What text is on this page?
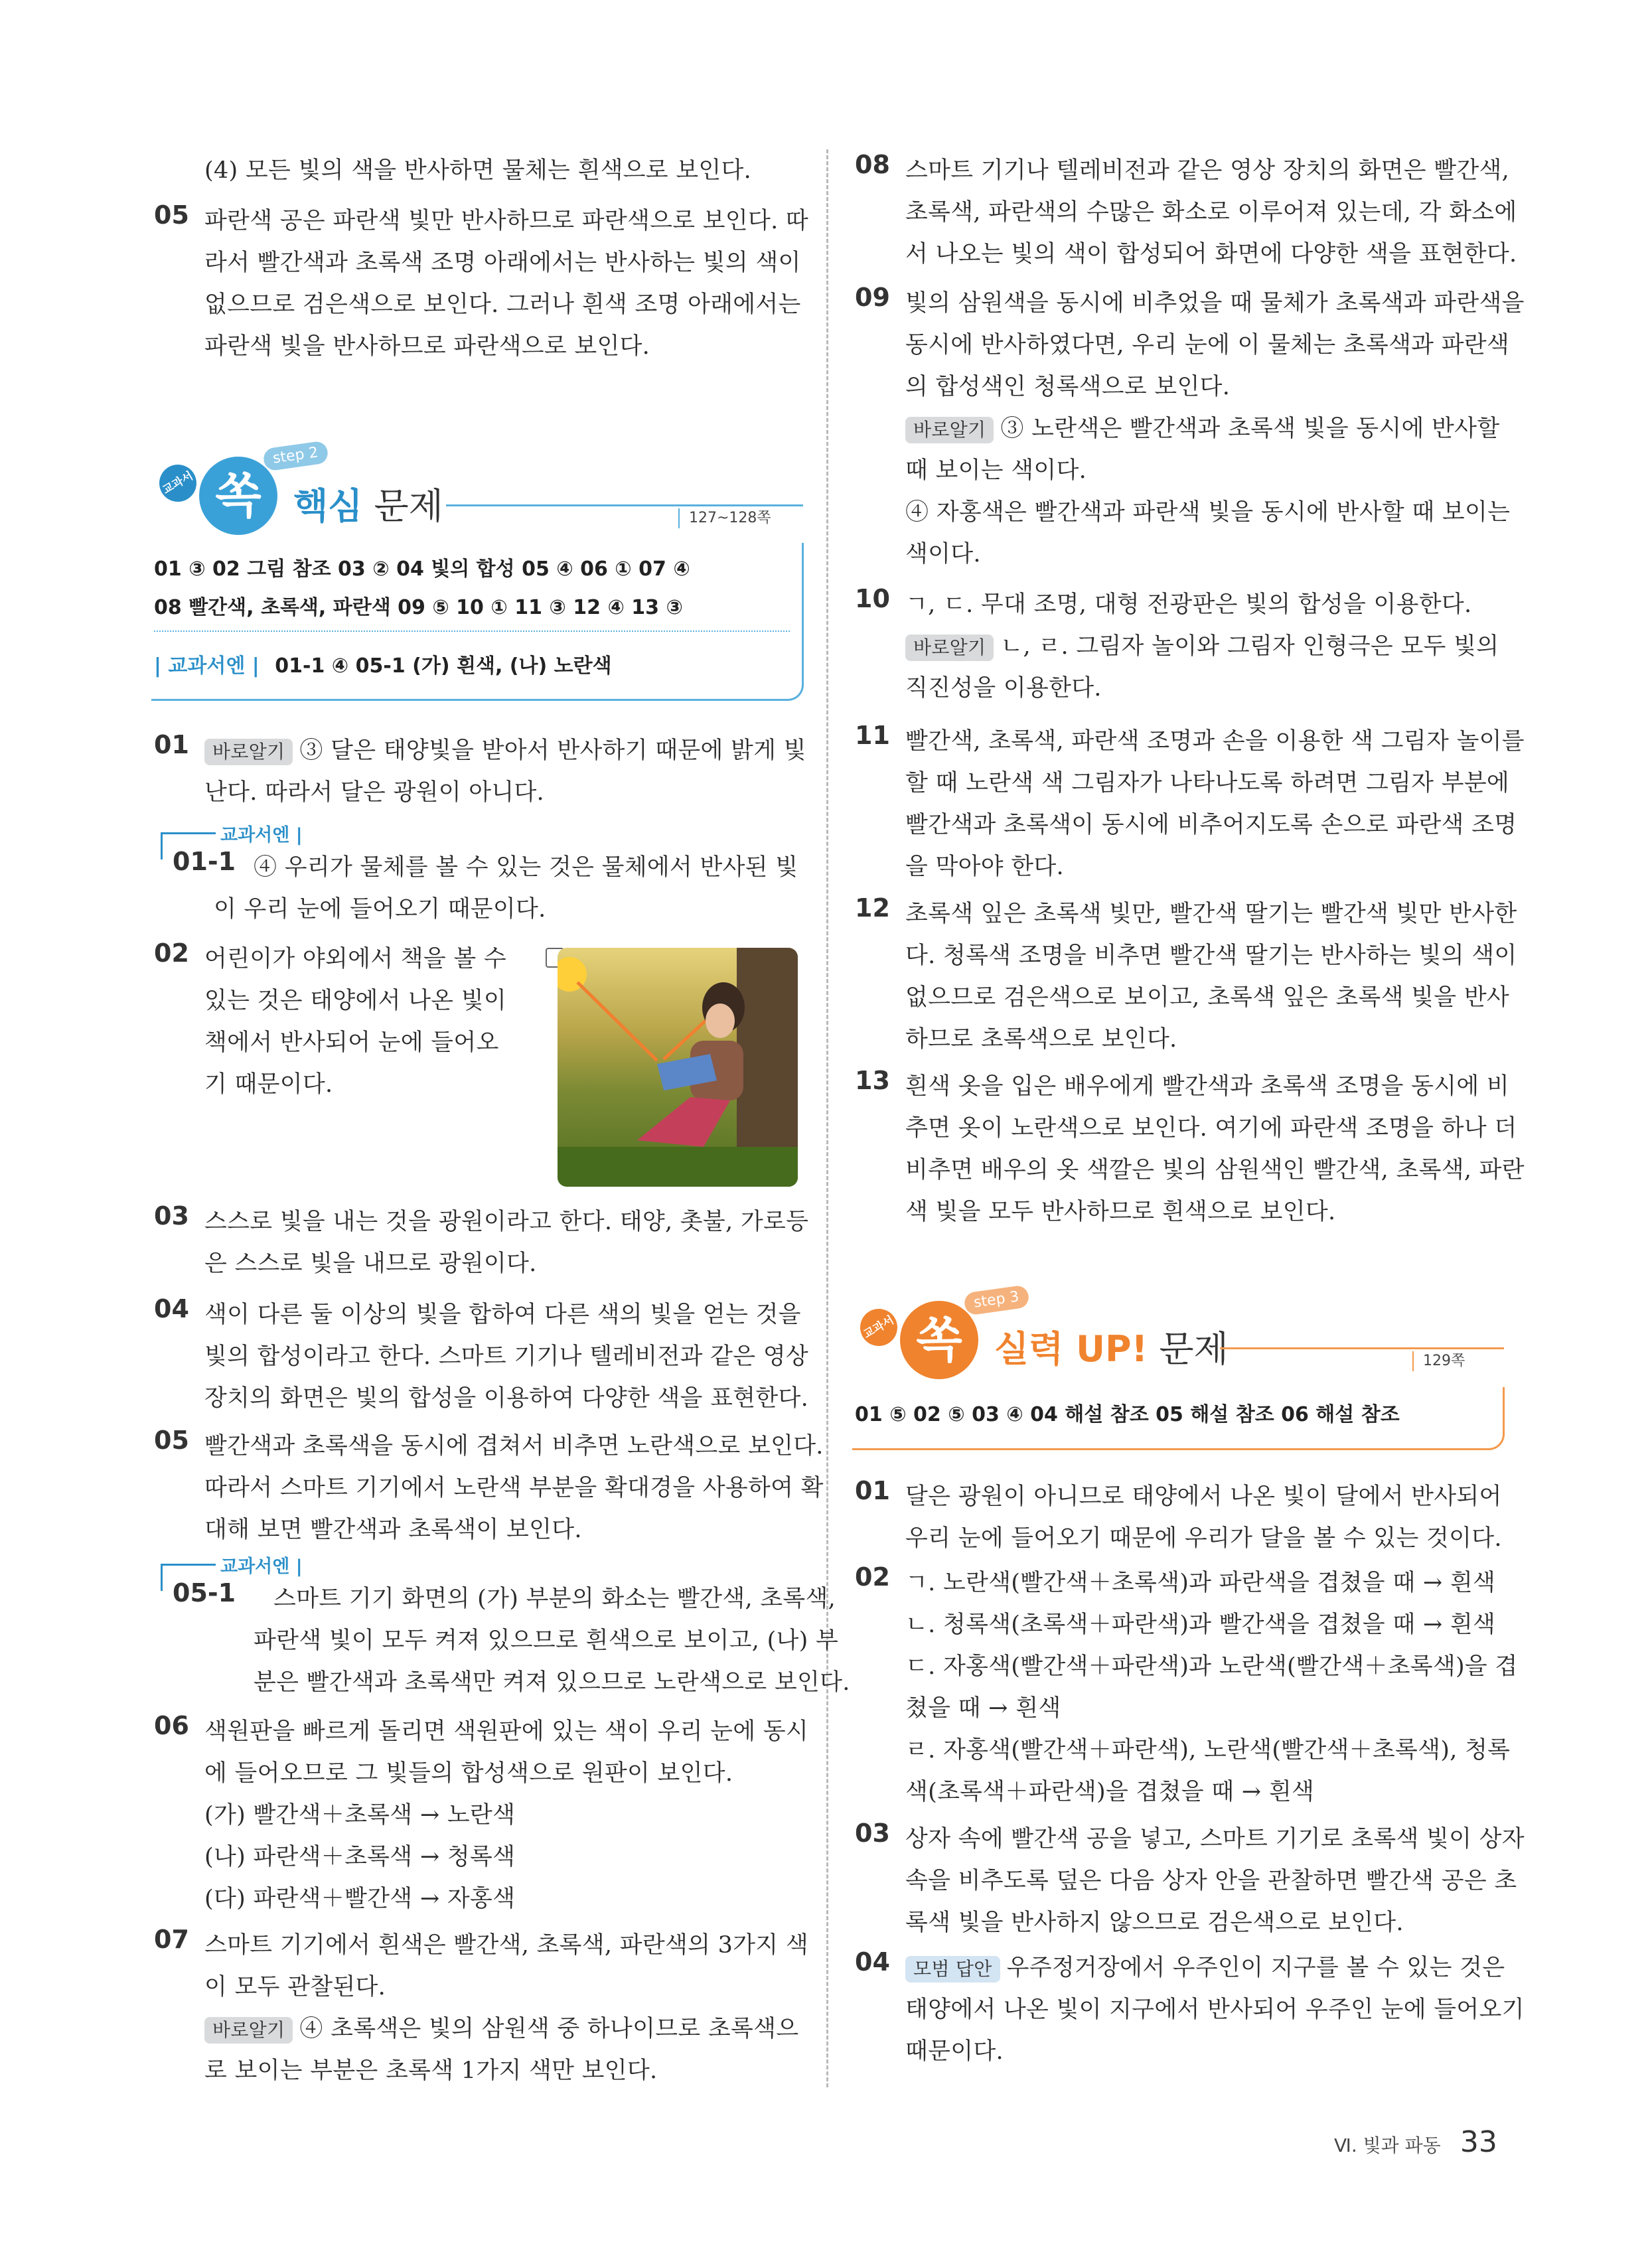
(4) 모든 빛의 색을 반사하면 물체는 흰색으로 보인다.
05 파란색 공은 파란색 빛만 반사하므로 파란색으로 보인다. 따
라서 빨간색과 초록색 조명 아래에서는 반사하는 빛의 색이
없으므로 검은색으로 보인다. 그러나 흰색 조명 아래에서는
파란색 빛을 반사하므로 파란색으로 보인다.
교과서 쏙
step 2
핵심 문제	127~128쪽
01 ③ 02 그림 참조 03 ② 04 빛의 합성 05 ④ 06 ① 07 ④
08 빨간색, 초록색, 파란색 09 ⑤ 10 ① 11 ③ 12 ④ 13 ③
| 교과서엔 | 01-1 ④ 05-1 (가) 흰색, (나) 노란색
01	바로알기 ③ 달은 태양빛을 받아서 반사하기 때문에 밝게 빛
난다. 따라서 달은 광원이 아니다.
교과서엔 |
01-1 ④ 우리가 물체를 볼 수 있는 것은 물체에서 반사된 빛
이 우리 눈에 들어오기 때문이다.
02 어린이가 야외에서 책을 볼 수
있는 것은 태양에서 나온 빛이
책에서 반사되어 눈에 들어오
기 때문이다.
03 스스로 빛을 내는 것을 광원이라고 한다. 태양, 촛불, 가로등
은 스스로 빛을 내므로 광원이다.
04 색이 다른 둘 이상의 빛을 합하여 다른 색의 빛을 얻는 것을
빛의 합성이라고 한다. 스마트 기기나 텔레비전과 같은 영상
장치의 화면은 빛의 합성을 이용하여 다양한 색을 표현한다.
05 빨간색과 초록색을 동시에 겹쳐서 비추면 노란색으로 보인다.
따라서 스마트 기기에서 노란색 부분을 확대경을 사용하여 확
대해 보면 빨간색과 초록색이 보인다.
교과서엔 |
05-1 스마트 기기 화면의 (가) 부분의 화소는 빨간색, 초록색,
파란색 빛이 모두 켜져 있으므로 흰색으로 보이고, (나) 부
분은 빨간색과 초록색만 켜져 있으므로 노란색으로 보인다.
06 색원판을 빠르게 돌리면 색원판에 있는 색이 우리 눈에 동시
에 들어오므로 그 빛들의 합성색으로 원판이 보인다.
(가) 빨간색＋초록색 → 노란색
(나) 파란색＋초록색 → 청록색
(다) 파란색＋빨간색 → 자홍색
07 스마트 기기에서 흰색은 빨간색, 초록색, 파란색의 3가지 색
이 모두 관찰된다.
바로알기 ④ 초록색은 빛의 삼원색 중 하나이므로 초록색으
로 보이는 부분은 초록색 1가지 색만 보인다.
08 스마트 기기나 텔레비전과 같은 영상 장치의 화면은 빨간색,
초록색, 파란색의 수많은 화소로 이루어져 있는데, 각 화소에
서 나오는 빛의 색이 합성되어 화면에 다양한 색을 표현한다.
09 빛의 삼원색을 동시에 비추었을 때 물체가 초록색과 파란색을
동시에 반사하였다면, 우리 눈에 이 물체는 초록색과 파란색
의 합성색인 청록색으로 보인다.
바로알기 ③ 노란색은 빨간색과 초록색 빛을 동시에 반사할
때 보이는 색이다.
④ 자홍색은 빨간색과 파란색 빛을 동시에 반사할 때 보이는
색이다.
10 ㄱ, ㄷ. 무대 조명, 대형 전광판은 빛의 합성을 이용한다.
바로알기 ㄴ, ㄹ. 그림자 놀이와 그림자 인형극은 모두 빛의
직진성을 이용한다.
11 빨간색, 초록색, 파란색 조명과 손을 이용한 색 그림자 놀이를
할 때 노란색 색 그림자가 나타나도록 하려면 그림자 부분에
빨간색과 초록색이 동시에 비추어지도록 손으로 파란색 조명
을 막아야 한다.
12 초록색 잎은 초록색 빛만, 빨간색 딸기는 빨간색 빛만 반사한
다. 청록색 조명을 비추면 빨간색 딸기는 반사하는 빛의 색이
없으므로 검은색으로 보이고, 초록색 잎은 초록색 빛을 반사
하므로 초록색으로 보인다.
13 흰색 옷을 입은 배우에게 빨간색과 초록색 조명을 동시에 비
추면 옷이 노란색으로 보인다. 여기에 파란색 조명을 하나 더
비추면 배우의 옷 색깔은 빛의 삼원색인 빨간색, 초록색, 파란
색 빛을 모두 반사하므로 흰색으로 보인다.
교과서 쏙
step 3
실력 UP! 문제	129쪽
01 ⑤ 02 ⑤ 03 ④ 04 해설 참조 05 해설 참조 06 해설 참조
01 달은 광원이 아니므로 태양에서 나온 빛이 달에서 반사되어
우리 눈에 들어오기 때문에 우리가 달을 볼 수 있는 것이다.
02 ㄱ. 노란색(빨간색＋초록색)과 파란색을 겹쳤을 때 → 흰색
ㄴ. 청록색(초록색＋파란색)과 빨간색을 겹쳤을 때 → 흰색
ㄷ. 자홍색(빨간색＋파란색)과 노란색(빨간색＋초록색)을 겹
쳤을 때 → 흰색
ㄹ. 자홍색(빨간색＋파란색), 노란색(빨간색＋초록색), 청록
색(초록색＋파란색)을 겹쳤을 때 → 흰색
03 상자 속에 빨간색 공을 넣고, 스마트 기기로 초록색 빛이 상자
속을 비추도록 덮은 다음 상자 안을 관찰하면 빨간색 공은 초
록색 빛을 반사하지 않으므로 검은색으로 보인다.
04	모범 답안 우주정거장에서 우주인이 지구를 볼 수 있는 것은
태양에서 나온 빛이 지구에서 반사되어 우주인 눈에 들어오기
때문이다.
Ⅵ. 빛과 파동 33
